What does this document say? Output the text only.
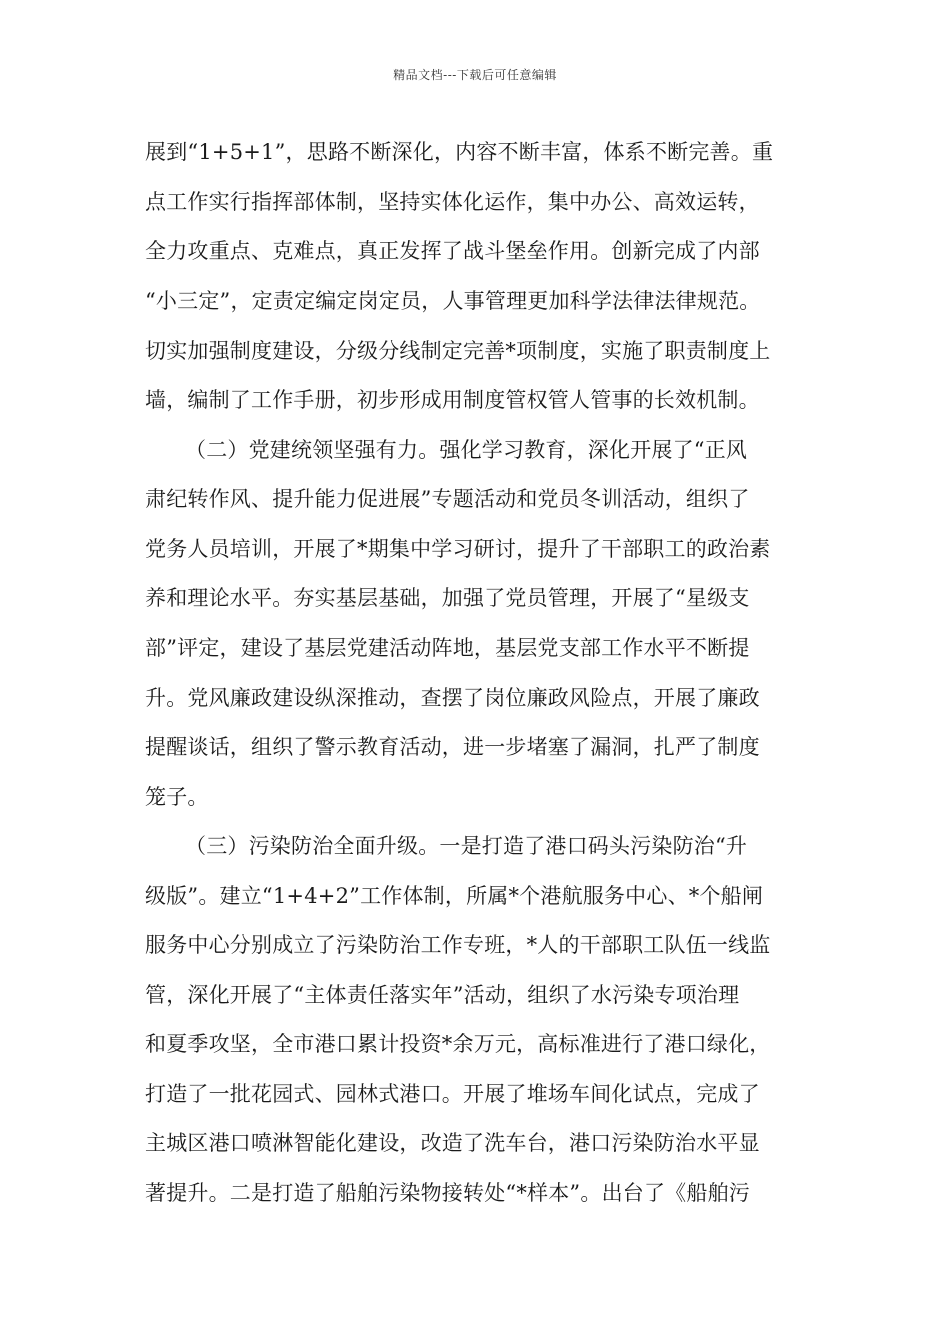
精品文档---下载后可任意编辑
展到“1+5+1”，思路不断深化，内容不断丰富，体系不断完善。重
点工作实行指挥部体制，坚持实体化运作，集中办公、高效运转，
全力攻重点、克难点，真正发挥了战斗堡垒作用。创新完成了内部
“小三定”，定责定编定岗定员，人事管理更加科学法律法律规范。
切实加强制度建设，分级分线制定完善*项制度，实施了职责制度上
墙，编制了工作手册，初步形成用制度管权管人管事的长效机制。
（二）党建统领坚强有力。强化学习教育，深化开展了“正风
肃纪转作风、提升能力促进展”专题活动和党员冬训活动，组织了
党务人员培训，开展了*期集中学习研讨，提升了干部职工的政治素
养和理论水平。夯实基层基础，加强了党员管理，开展了“星级支
部”评定，建设了基层党建活动阵地，基层党支部工作水平不断提
升。党风廉政建设纵深推动，查摆了岗位廉政风险点，开展了廉政
提醒谈话，组织了警示教育活动，进一步堵塞了漏洞，扎严了制度
笼子。
（三）污染防治全面升级。一是打造了港口码头污染防治“升
级版”。建立“1+4+2”工作体制，所属*个港航服务中心、*个船闸
服务中心分别成立了污染防治工作专班，*人的干部职工队伍一线监
管，深化开展了“主体责任落实年”活动，组织了水污染专项治理
和夏季攻坚，全市港口累计投资*余万元，高标准进行了港口绿化，
打造了一批花园式、园林式港口。开展了堆场车间化试点，完成了
主城区港口喷淋智能化建设，改造了洗车台，港口污染防治水平显
著提升。二是打造了船舶污染物接转处“*样本”。出台了《船舶污
